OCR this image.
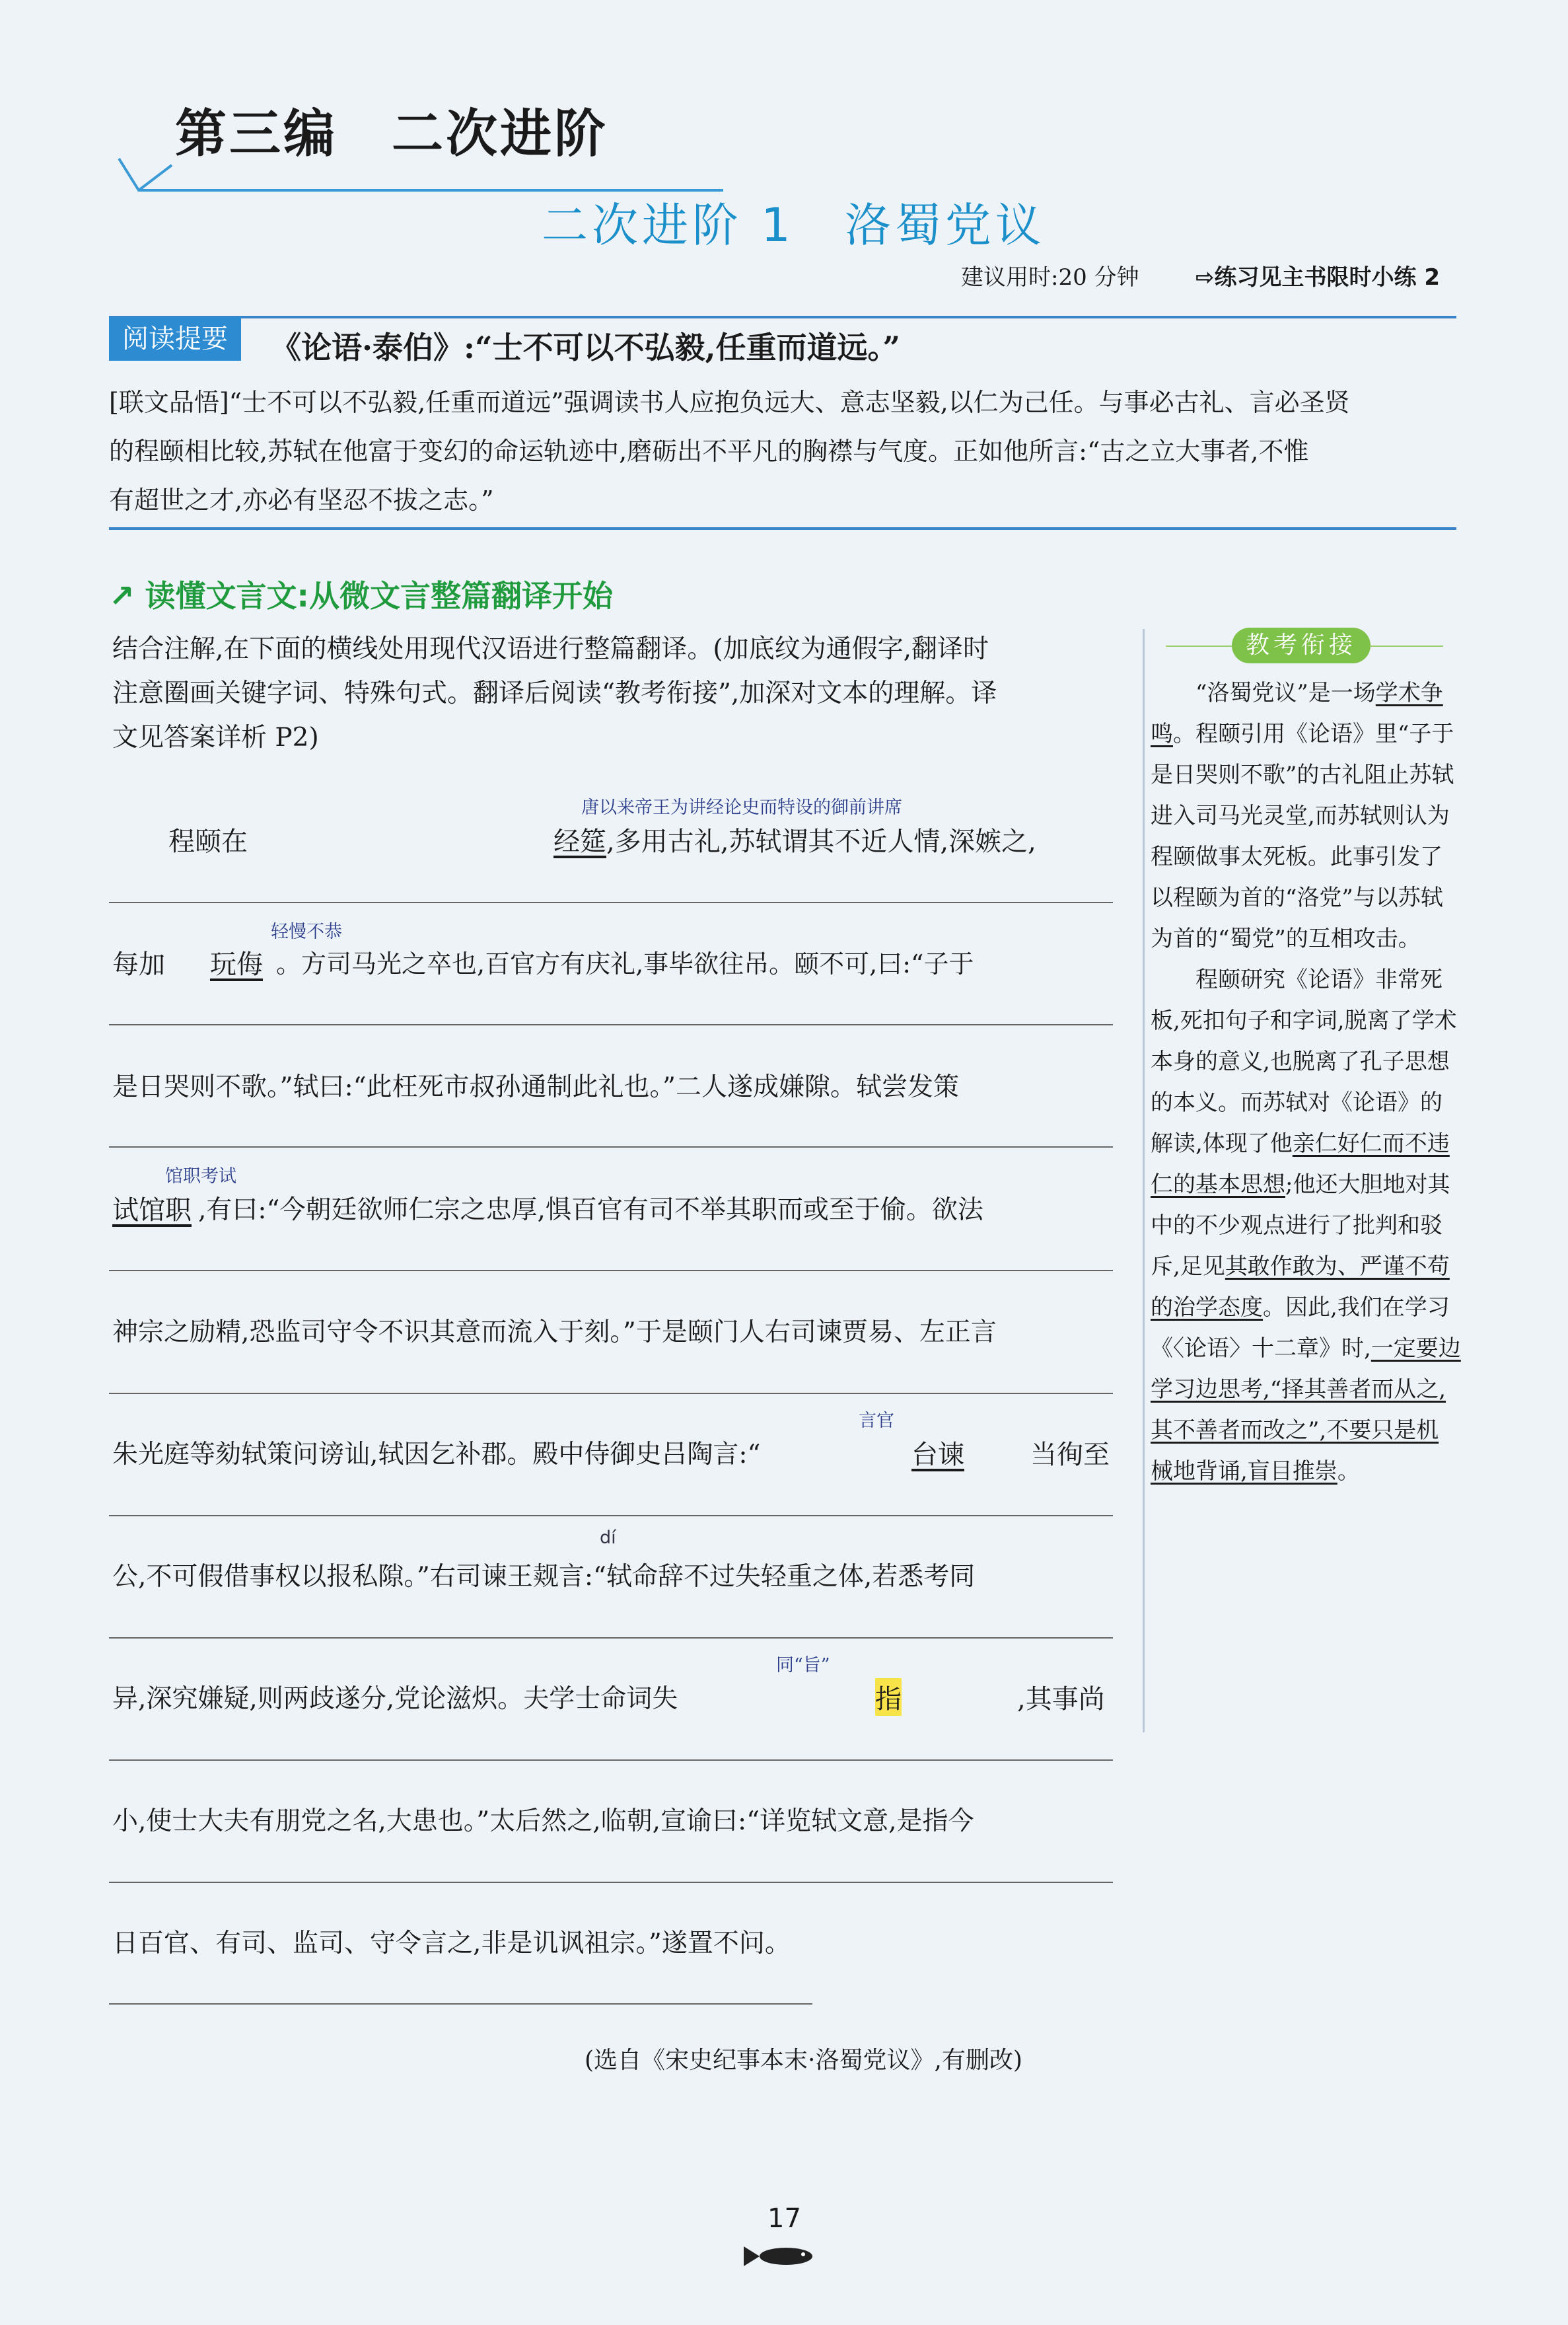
第三编　二次进阶
二次进阶 1　洛蜀党议
建议用时:20 分钟	⇨练习见主书限时小练 2
阅读提要	《论语·泰伯》:“士不可以不弘毅,任重而道远。”
[联文品悟]“士不可以不弘毅,任重而道远”强调读书人应抱负远大、意志坚毅,以仁为己任。与事必古礼、言必圣贤
的程颐相比较,苏轼在他富于变幻的命运轨迹中,磨砺出不平凡的胸襟与气度。正如他所言:“古之立大事者,不惟
有超世之才,亦必有坚忍不拔之志。”
↗ 读懂文言文:从微文言整篇翻译开始
结合注解,在下面的横线处用现代汉语进行整篇翻译。(加底纹为通假字,翻译时
注意圈画关键字词、特殊句式。翻译后阅读“教考衔接”,加深对文本的理解。译
文见答案详析 P2)
程颐在	经筵 ,多用古礼,苏轼谓其不近人情,深嫉之,
唐以来帝王为讲经论史而特设的御前讲席
每加 玩侮 。方司马光之卒也,百官方有庆礼,事毕欲往吊。颐不可,曰:“子于
轻慢不恭
是日哭则不歌。”轼曰:“此枉死市叔孙通制此礼也。”二人遂成嫌隙。轼尝发策
试馆职 ,有曰:“今朝廷欲师仁宗之忠厚,惧百官有司不举其职而或至于偷。欲法
馆职考试
神宗之励精,恐监司守令不识其意而流入于刻。”于是颐门人右司谏贾易、左正言
朱光庭等劾轼策问谤讪,轼因乞补郡。殿中侍御史吕陶言:“	台谏	当徇至
言官
公,不可假借事权以报私隙。”右司谏王觌言:“轼命辞不过失轻重之体,若悉考同
dí
异,深究嫌疑,则两歧遂分,党论滋炽。夫学士命词失	指	,其事尚
同“旨”
小,使士大夫有朋党之名,大患也。”太后然之,临朝,宣谕曰:“详览轼文意,是指今
日百官、有司、监司、守令言之,非是讥讽祖宗。”遂置不问。
(选自《宋史纪事本末·洛蜀党议》,有删改)
教考衔接

“洛蜀党议”是一场学术争鸣。程颐引用《论语》里“子于是日哭则不歌”的古礼阻止苏轼进入司马光灵堂,而苏轼则认为程颐做事太死板。此事引发了以程颐为首的“洛党”与以苏轼为首的“蜀党”的互相攻击。

程颐研究《论语》非常死板,死扣句子和字词,脱离了学术本身的意义,也脱离了孔子思想的本义。而苏轼对《论语》的解读,体现了他亲仁好仁而不违仁的基本思想;他还大胆地对其中的不少观点进行了批判和驳斥,足见其敢作敢为、严谨不苟的治学态度。因此,我们在学习《〈论语〉十二章》时,一定要边学习边思考,“择其善者而从之,其不善者而改之”,不要只是机械地背诵,盲目推崇。

17
